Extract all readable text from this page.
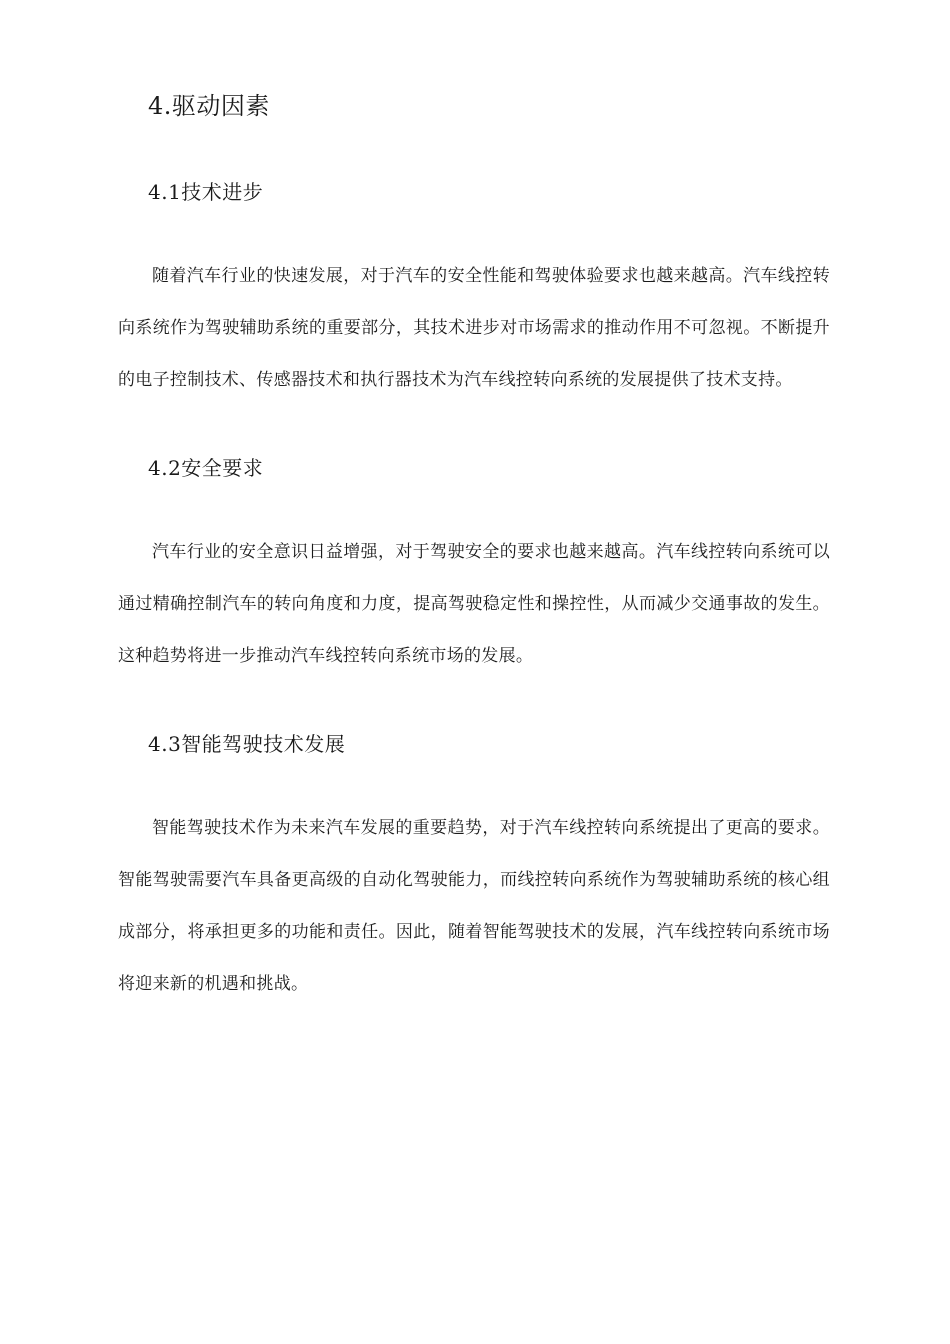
4.驱动因素
4.1技术进步

随着汽车行业的快速发展，对于汽车的安全性能和驾驶体验要求也越来越高。汽车线控转向系统作为驾驶辅助系统的重要部分，其技术进步对市场需求的推动作用不可忽视。不断提升的电子控制技术、传感器技术和执行器技术为汽车线控转向系统的发展提供了技术支持。

4.2安全要求

汽车行业的安全意识日益增强，对于驾驶安全的要求也越来越高。汽车线控转向系统可以通过精确控制汽车的转向角度和力度，提高驾驶稳定性和操控性，从而减少交通事故的发生。这种趋势将进一步推动汽车线控转向系统市场的发展。

4.3智能驾驶技术发展

智能驾驶技术作为未来汽车发展的重要趋势，对于汽车线控转向系统提出了更高的要求。智能驾驶需要汽车具备更高级的自动化驾驶能力，而线控转向系统作为驾驶辅助系统的核心组成部分，将承担更多的功能和责任。因此，随着智能驾驶技术的发展，汽车线控转向系统市场将迎来新的机遇和挑战。
